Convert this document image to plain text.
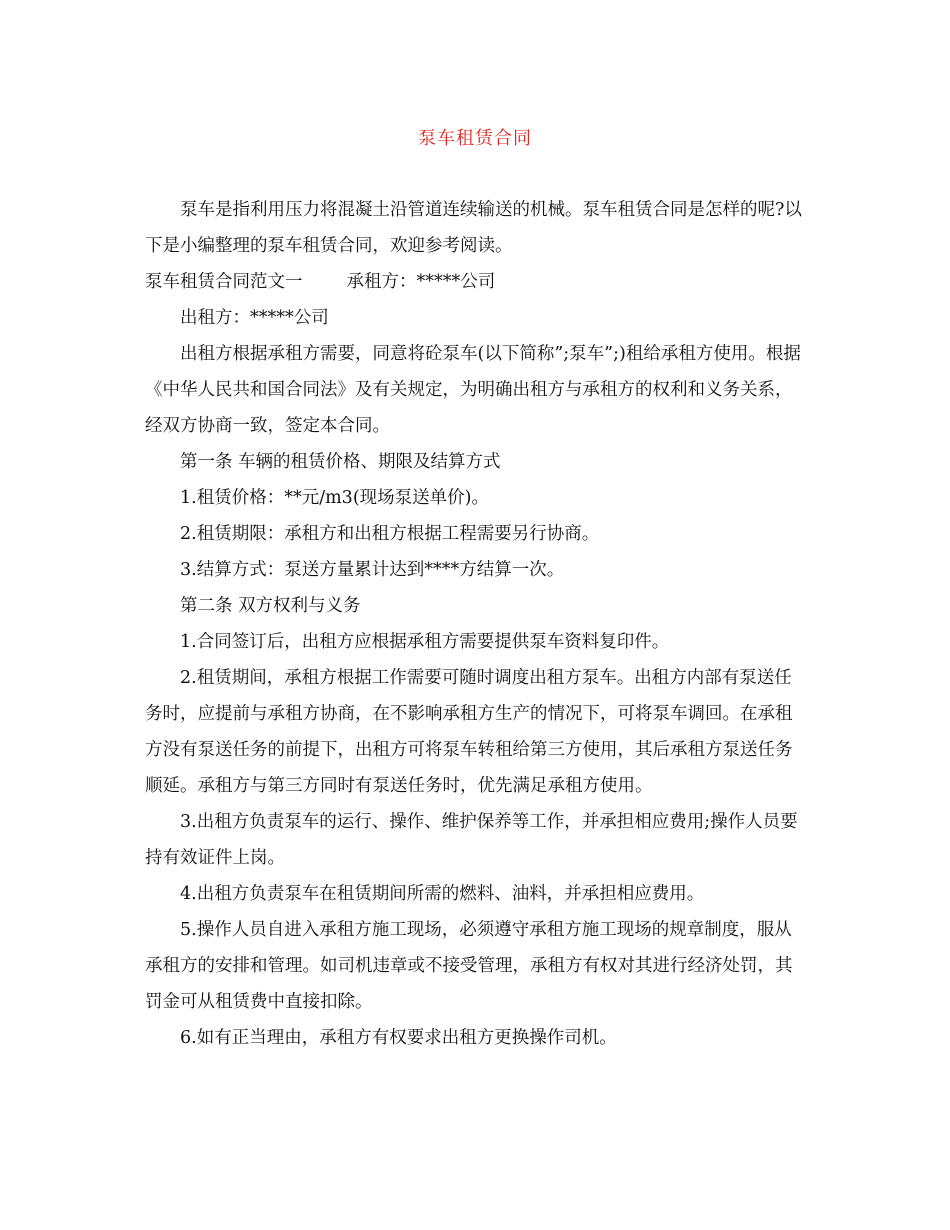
泵车租赁合同

泵车是指利用压力将混凝土沿管道连续输送的机械。泵车租赁合同是怎样的呢?以下是小编整理的泵车租赁合同，欢迎参考阅读。

泵车租赁合同范文一	承租方：*****公司

出租方：*****公司

出租方根据承租方需要，同意将砼泵车(以下简称”;泵车”;)租给承租方使用。根据《中华人民共和国合同法》及有关规定，为明确出租方与承租方的权利和义务关系，经双方协商一致，签定本合同。

第一条 车辆的租赁价格、期限及结算方式

1.租赁价格：**元/m3(现场泵送单价)。

2.租赁期限：承租方和出租方根据工程需要另行协商。

3.结算方式：泵送方量累计达到****方结算一次。

第二条 双方权利与义务

1.合同签订后，出租方应根据承租方需要提供泵车资料复印件。

2.租赁期间，承租方根据工作需要可随时调度出租方泵车。出租方内部有泵送任务时，应提前与承租方协商，在不影响承租方生产的情况下，可将泵车调回。在承租方没有泵送任务的前提下，出租方可将泵车转租给第三方使用，其后承租方泵送任务顺延。承租方与第三方同时有泵送任务时，优先满足承租方使用。

3.出租方负责泵车的运行、操作、维护保养等工作，并承担相应费用;操作人员要持有效证件上岗。

4.出租方负责泵车在租赁期间所需的燃料、油料，并承担相应费用。

5.操作人员自进入承租方施工现场，必须遵守承租方施工现场的规章制度，服从承租方的安排和管理。如司机违章或不接受管理，承租方有权对其进行经济处罚，其罚金可从租赁费中直接扣除。

6.如有正当理由，承租方有权要求出租方更换操作司机。
